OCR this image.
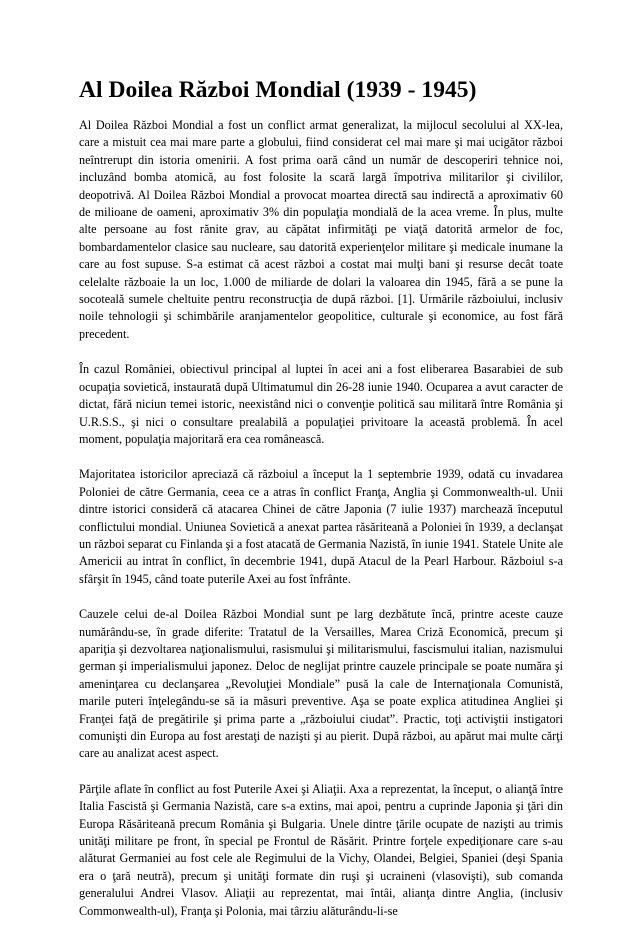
Al Doilea Război Mondial (1939 - 1945)

Al Doilea Război Mondial a fost un conflict armat generalizat, la mijlocul secolului al XX-lea, care a mistuit cea mai mare parte a globului, fiind considerat cel mai mare şi mai ucigător război neîntrerupt din istoria omenirii. A fost prima oară când un număr de descoperiri tehnice noi, incluzând bomba atomică, au fost folosite la scară largă împotriva militarilor şi civililor, deopotrivă. Al Doilea Război Mondial a provocat moartea directă sau indirectă a aproximativ 60 de milioane de oameni, aproximativ 3% din populaţia mondială de la acea vreme. În plus, multe alte persoane au fost rănite grav, au căpătat infirmităţi pe viaţă datorită armelor de foc, bombardamentelor clasice sau nucleare, sau datorită experienţelor militare şi medicale inumane la care au fost supuse. S-a estimat că acest război a costat mai mulţi bani şi resurse decât toate celelalte războaie la un loc, 1.000 de miliarde de dolari la valoarea din 1945, fără a se pune la socoteală sumele cheltuite pentru reconstrucţia de după război. [1]. Urmările războiului, inclusiv noile tehnologii şi schimbările aranjamentelor geopolitice, culturale şi economice, au fost fără precedent.

În cazul României, obiectivul principal al luptei în acei ani a fost eliberarea Basarabiei de sub ocupaţia sovietică, instaurată după Ultimatumul din 26-28 iunie 1940. Ocuparea a avut caracter de dictat, fără niciun temei istoric, neexistând nici o convenţie politică sau militară între România şi U.R.S.S., şi nici o consultare prealabilă a populaţiei privitoare la această problemă. În acel moment, populaţia majoritară era cea românească.

Majoritatea istoricilor apreciază că războiul a început la 1 septembrie 1939, odată cu invadarea Poloniei de către Germania, ceea ce a atras în conflict Franţa, Anglia şi Commonwealth-ul. Unii dintre istorici consideră că atacarea Chinei de către Japonia (7 iulie 1937) marchează începutul conflictului mondial. Uniunea Sovietică a anexat partea răsăriteană a Poloniei în 1939, a declanşat un război separat cu Finlanda şi a fost atacată de Germania Nazistă, în iunie 1941. Statele Unite ale Americii au intrat în conflict, în decembrie 1941, după Atacul de la Pearl Harbour. Războiul s-a sfârşit în 1945, când toate puterile Axei au fost înfrânte.

Cauzele celui de-al Doilea Război Mondial sunt pe larg dezbătute încă, printre aceste cauze numărându-se, în grade diferite: Tratatul de la Versailles, Marea Criză Economică, precum şi apariţia şi dezvoltarea naţionalismului, rasismului şi militarismului, fascismului italian, nazismului german şi imperialismului japonez. Deloc de neglijat printre cauzele principale se poate număra şi ameninţarea cu declanşarea „Revoluţiei Mondiale” pusă la cale de Internaţionala Comunistă, marile puteri înţelegându-se să ia măsuri preventive. Aşa se poate explica atitudinea Angliei şi Franţei faţă de pregătirile şi prima parte a „războiului ciudat”. Practic, toţi activiştii instigatori comunişti din Europa au fost arestaţi de nazişti şi au pierit. După război, au apărut mai multe cărţi care au analizat acest aspect.

Părţile aflate în conflict au fost Puterile Axei şi Aliaţii. Axa a reprezentat, la început, o alianţă între Italia Fascistă şi Germania Nazistă, care s-a extins, mai apoi, pentru a cuprinde Japonia şi ţări din Europa Răsăriteană precum România şi Bulgaria. Unele dintre ţările ocupate de nazişti au trimis unităţi militare pe front, în special pe Frontul de Răsărit. Printre forţele expediţionare care s-au alăturat Germaniei au fost cele ale Regimului de la Vichy, Olandei, Belgiei, Spaniei (deşi Spania era o ţară neutră), precum şi unităţi formate din ruşi şi ucraineni (vlasovişti), sub comanda generalului Andrei Vlasov. Aliaţii au reprezentat, mai întâi, alianţa dintre Anglia, (inclusiv Commonwealth-ul), Franţa şi Polonia, mai târziu alăturându-li-se
